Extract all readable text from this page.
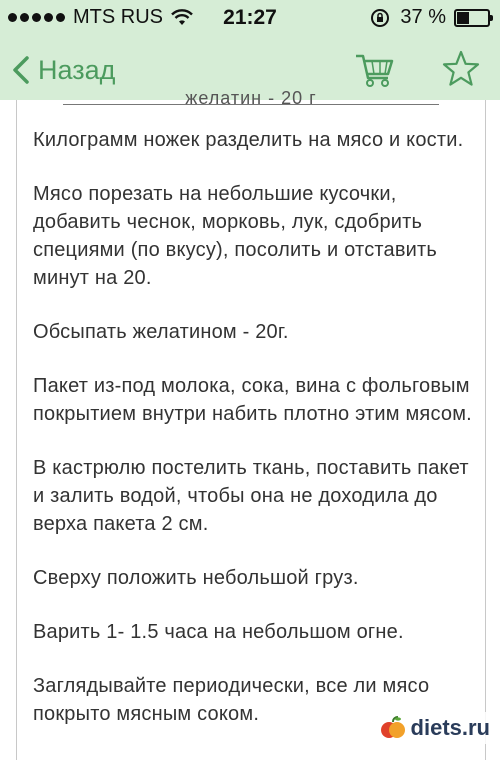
MTS RUS	21:27	37 %
Назад
желатин - 20 г

Килограмм ножек разделить на мясо и кости.

Мясо порезать на небольшие кусочки, добавить чеснок, морковь, лук, сдобрить специями (по вкусу), посолить и отставить минут на 20.

Обсыпать желатином - 20г.

Пакет из-под молока, сока, вина с фольговым покрытием внутри набить плотно этим мясом.

В кастрюлю постелить ткань, поставить пакет и залить водой, чтобы она не доходила до верха пакета 2 см.

Сверху положить небольшой груз.

Варить 1- 1.5 часа на небольшом огне.

Заглядывайте периодически, все ли мясо покрыто мясным соком.

diets.ru
